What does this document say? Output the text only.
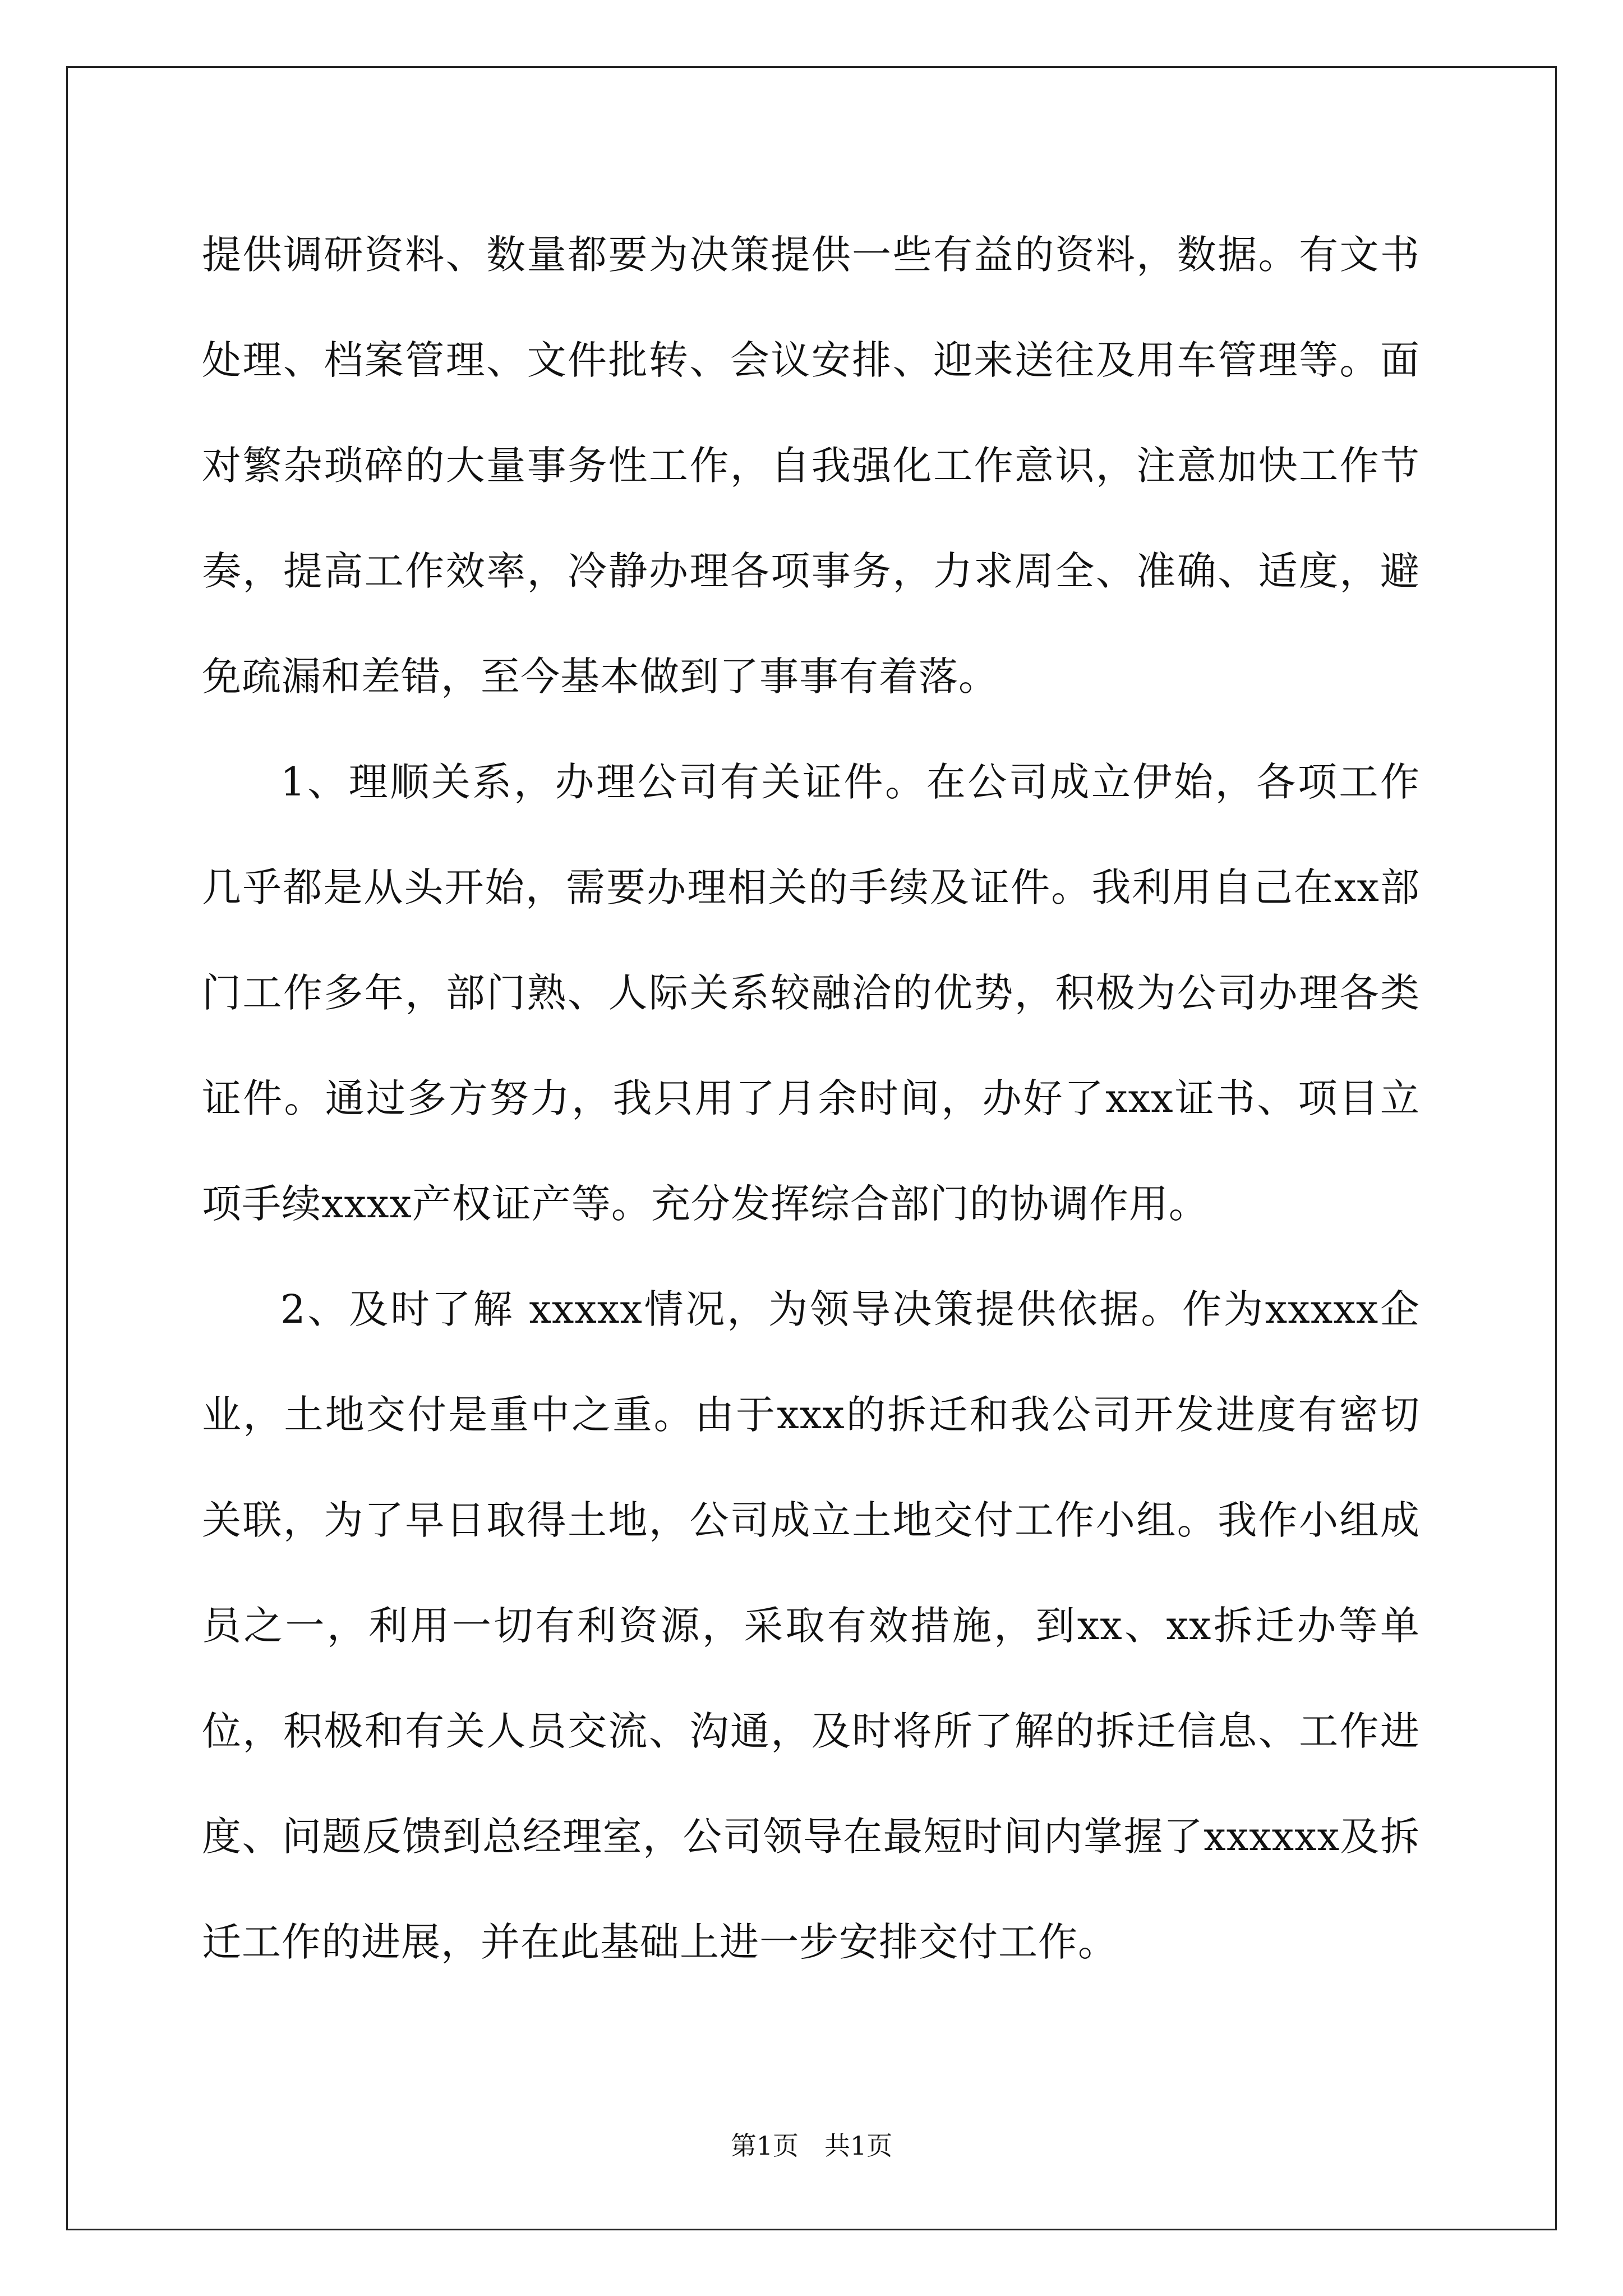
提供调研资料、数量都要为决策提供一些有益的资料，数据。有文书处理、档案管理、文件批转、会议安排、迎来送往及用车管理等。面对繁杂琐碎的大量事务性工作，自我强化工作意识，注意加快工作节奏，提高工作效率，冷静办理各项事务，力求周全、准确、适度，避免疏漏和差错，至今基本做到了事事有着落。

1、理顺关系，办理公司有关证件。在公司成立伊始，各项工作几乎都是从头开始，需要办理相关的手续及证件。我利用自己在xx部门工作多年，部门熟、人际关系较融洽的优势，积极为公司办理各类证件。通过多方努力，我只用了月余时间，办好了xxx证书、项目立项手续xxxx产权证产等。充分发挥综合部门的协调作用。

2、及时了解 xxxxx情况，为领导决策提供依据。作为xxxxx企业，土地交付是重中之重。由于xxx的拆迁和我公司开发进度有密切关联，为了早日取得土地，公司成立土地交付工作小组。我作小组成员之一，利用一切有利资源，采取有效措施，到xx、xx拆迁办等单位，积极和有关人员交流、沟通，及时将所了解的拆迁信息、工作进度、问题反馈到总经理室，公司领导在最短时间内掌握了xxxxxx及拆迁工作的进展，并在此基础上进一步安排交付工作。

第1页　共1页
